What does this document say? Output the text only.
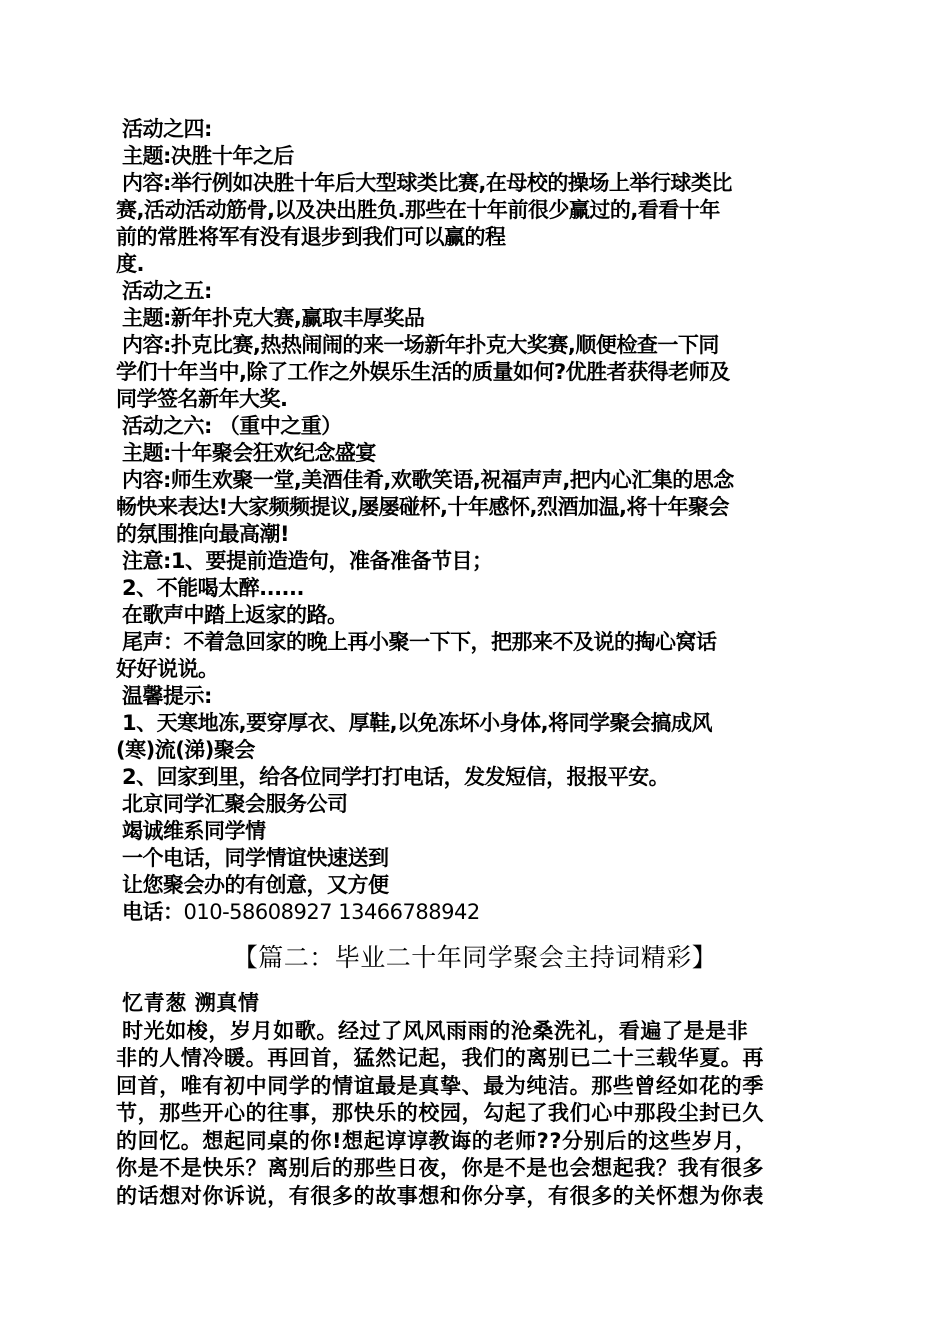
活动之四:
主题:决胜十年之后
内容:举行例如决胜十年后大型球类比赛,在母校的操场上举行球类比
赛,活动活动筋骨,以及决出胜负.那些在十年前很少赢过的,看看十年
前的常胜将军有没有退步到我们可以赢的程
度.
活动之五:
主题:新年扑克大赛,赢取丰厚奖品
内容:扑克比赛,热热闹闹的来一场新年扑克大奖赛,顺便检查一下同
学们十年当中,除了工作之外娱乐生活的质量如何?优胜者获得老师及
同学签名新年大奖.
活动之六: （重中之重）
主题:十年聚会狂欢纪念盛宴
内容:师生欢聚一堂,美酒佳肴,欢歌笑语,祝福声声,把内心汇集的思念
畅快来表达!大家频频提议,屡屡碰杯,十年感怀,烈酒加温,将十年聚会
的氛围推向最高潮!
注意:1、要提前造造句，准备准备节目；
2、不能喝太醉......
在歌声中踏上返家的路。
尾声：不着急回家的晚上再小聚一下下，把那来不及说的掏心窝话
好好说说。
温馨提示:
1、天寒地冻,要穿厚衣、厚鞋,以免冻坏小身体,将同学聚会搞成风
(寒)流(涕)聚会
2、回家到里，给各位同学打打电话，发发短信，报报平安。
北京同学汇聚会服务公司
竭诚维系同学情
一个电话，同学情谊快速送到
让您聚会办的有创意，又方便
电话：010-58608927 13466788942
【篇二：毕业二十年同学聚会主持词精彩】
忆青葱 溯真情
时光如梭，岁月如歌。经过了风风雨雨的沧桑洗礼，看遍了是是非
非的人情冷暖。再回首，猛然记起，我们的离别已二十三载华夏。再
回首，唯有初中同学的情谊最是真挚、最为纯洁。那些曾经如花的季
节，那些开心的往事，那快乐的校园，勾起了我们心中那段尘封已久
的回忆。想起同桌的你!想起谆谆教诲的老师??分别后的这些岁月，
你是不是快乐？离别后的那些日夜，你是不是也会想起我？我有很多
的话想对你诉说，有很多的故事想和你分享，有很多的关怀想为你表
